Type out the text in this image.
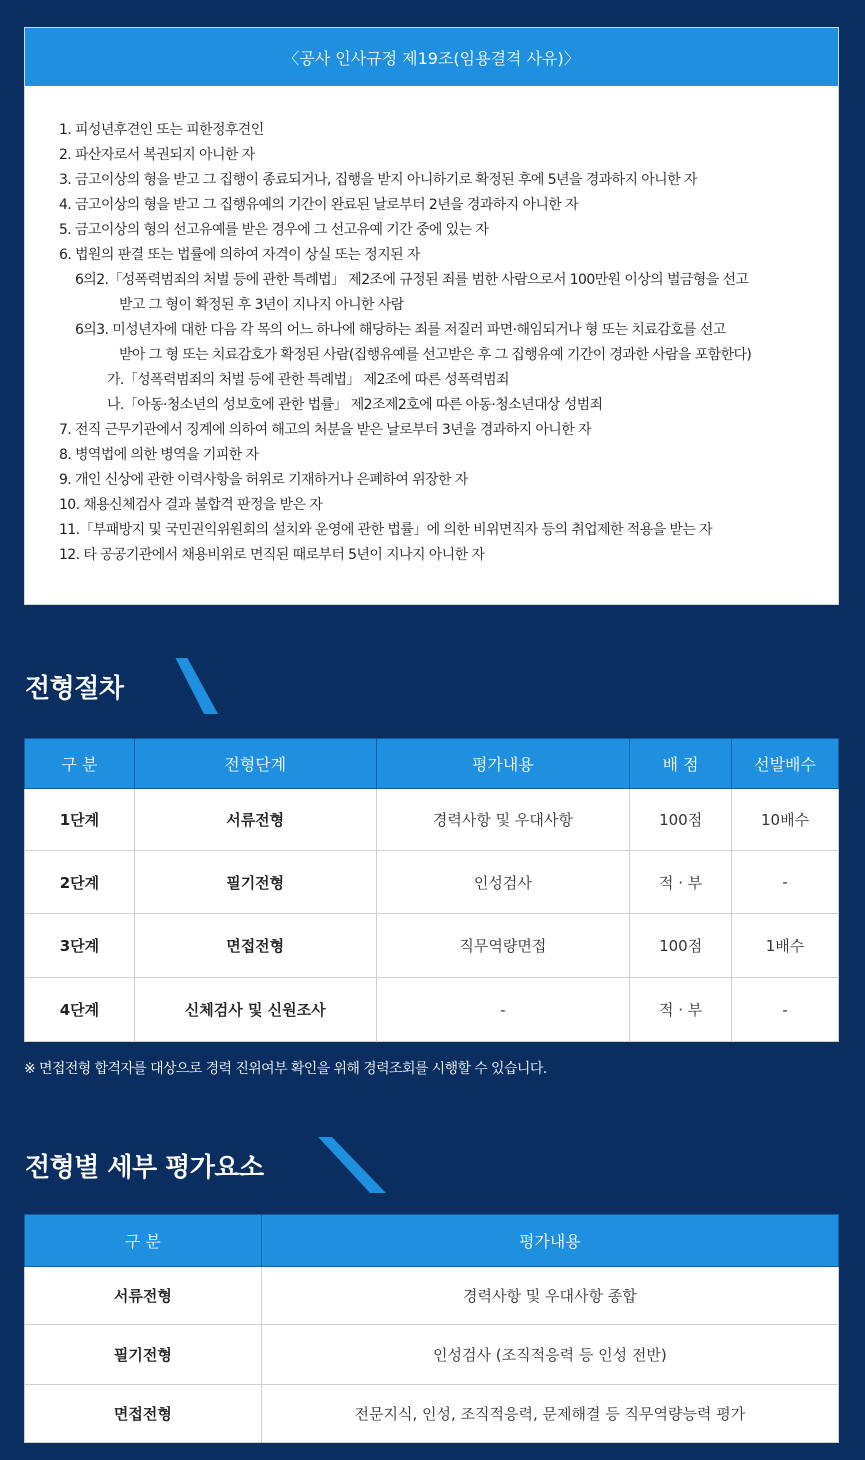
〈공사 인사규정 제19조(임용결격 사유)〉
1. 피성년후견인 또는 피한정후견인
2. 파산자로서 복권되지 아니한 자
3. 금고이상의 형을 받고 그 집행이 종료되거나, 집행을 받지 아니하기로 확정된 후에 5년을 경과하지 아니한 자
4. 금고이상의 형을 받고 그 집행유예의 기간이 완료된 날로부터 2년을 경과하지 아니한 자
5. 금고이상의 형의 선고유예를 받은 경우에 그 선고유예 기간 중에 있는 자
6. 법원의 판결 또는 법률에 의하여 자격이 상실 또는 정지된 자
6의2.「성폭력범죄의 처벌 등에 관한 특례법」 제2조에 규정된 죄를 범한 사람으로서 100만원 이상의 벌금형을 선고
받고 그 형이 확정된 후 3년이 지나지 아니한 사람
6의3. 미성년자에 대한 다음 각 목의 어느 하나에 해당하는 죄를 저질러 파면·해임되거나 형 또는 치료감호를 선고
받아 그 형 또는 치료감호가 확정된 사람(집행유예를 선고받은 후 그 집행유예 기간이 경과한 사람을 포함한다)
가.「성폭력범죄의 처벌 등에 관한 특례법」 제2조에 따른 성폭력범죄
나.「아동·청소년의 성보호에 관한 법률」 제2조제2호에 따른 아동·청소년대상 성범죄
7. 전직 근무기관에서 징계에 의하여 해고의 처분을 받은 날로부터 3년을 경과하지 아니한 자
8. 병역법에 의한 병역을 기피한 자
9. 개인 신상에 관한 이력사항을 허위로 기재하거나 은폐하여 위장한 자
10. 채용신체검사 결과 불합격 판정을 받은 자
11.「부패방지 및 국민권익위원회의 설치와 운영에 관한 법률」에 의한 비위면직자 등의 취업제한 적용을 받는 자
12. 타 공공기관에서 채용비위로 면직된 때로부터 5년이 지나지 아니한 자
전형절차
구 분	전형단계	평가내용	배 점	선발배수
1단계	서류전형	경력사항 및 우대사항	100점	10배수
2단계	필기전형	인성검사	적 · 부	-
3단계	면접전형	직무역량면접	100점	1배수
4단계	신체검사 및 신원조사	-	적 · 부	-
※ 면접전형 합격자를 대상으로 경력 진위여부 확인을 위해 경력조회를 시행할 수 있습니다.
전형별 세부 평가요소
구 분	평가내용
서류전형	경력사항 및 우대사항 종합
필기전형	인성검사 (조직적응력 등 인성 전반)
면접전형	전문지식, 인성, 조직적응력, 문제해결 등 직무역량능력 평가
